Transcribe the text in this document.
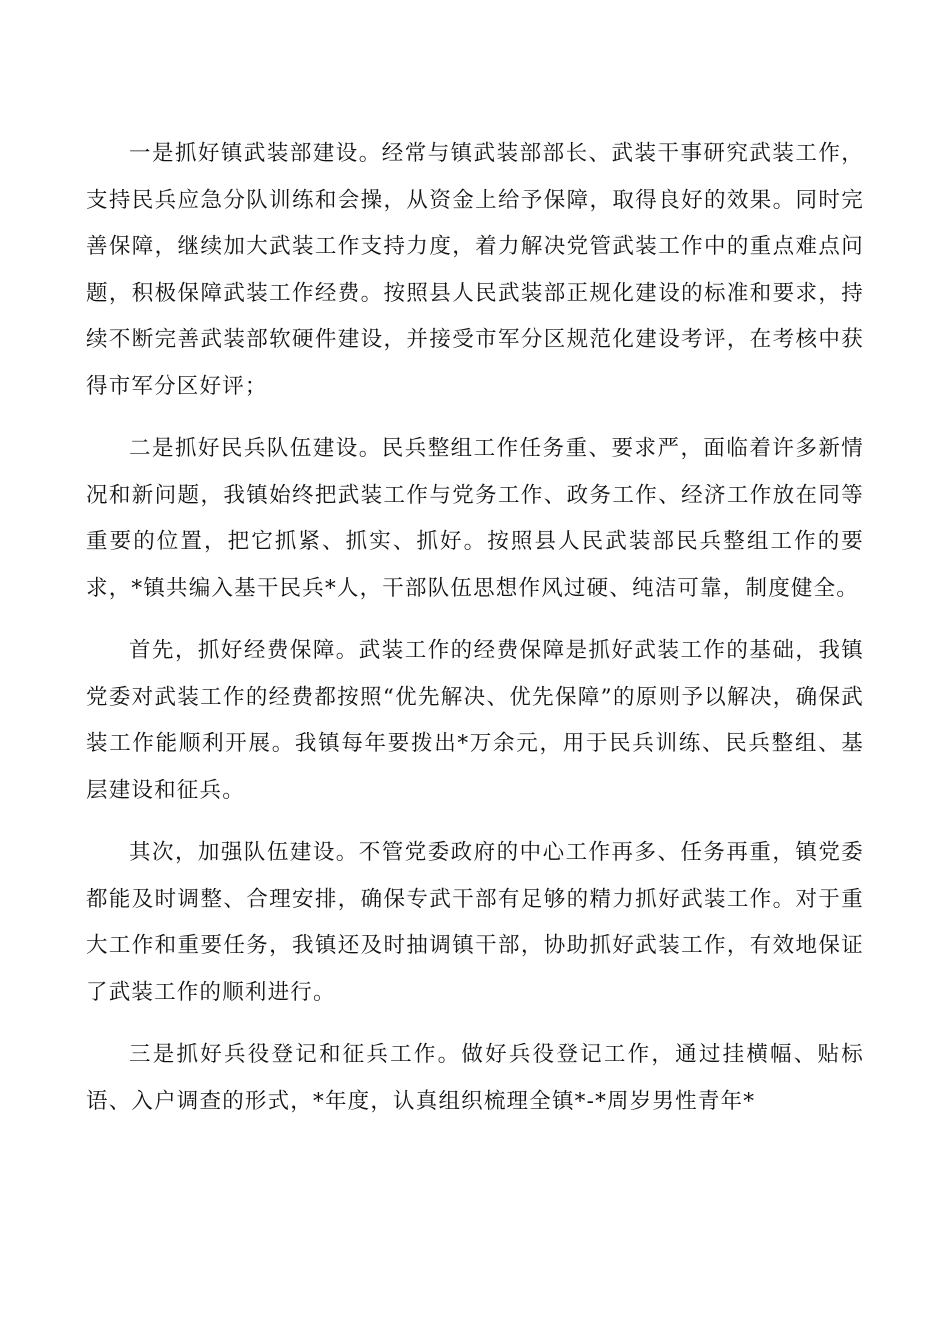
一是抓好镇武装部建设。经常与镇武装部部长、武装干事研究武装工作，支持民兵应急分队训练和会操，从资金上给予保障，取得良好的效果。同时完善保障，继续加大武装工作支持力度，着力解决党管武装工作中的重点难点问题，积极保障武装工作经费。按照县人民武装部正规化建设的标准和要求，持续不断完善武装部软硬件建设，并接受市军分区规范化建设考评，在考核中获得市军分区好评；

二是抓好民兵队伍建设。民兵整组工作任务重、要求严，面临着许多新情况和新问题，我镇始终把武装工作与党务工作、政务工作、经济工作放在同等重要的位置，把它抓紧、抓实、抓好。按照县人民武装部民兵整组工作的要求，*镇共编入基干民兵*人，干部队伍思想作风过硬、纯洁可靠，制度健全。

首先，抓好经费保障。武装工作的经费保障是抓好武装工作的基础，我镇党委对武装工作的经费都按照“优先解决、优先保障”的原则予以解决，确保武装工作能顺利开展。我镇每年要拨出*万余元，用于民兵训练、民兵整组、基层建设和征兵。

其次，加强队伍建设。不管党委政府的中心工作再多、任务再重，镇党委都能及时调整、合理安排，确保专武干部有足够的精力抓好武装工作。对于重大工作和重要任务，我镇还及时抽调镇干部，协助抓好武装工作，有效地保证了武装工作的顺利进行。

三是抓好兵役登记和征兵工作。做好兵役登记工作，通过挂横幅、贴标语、入户调查的形式，*年度，认真组织梳理全镇*-*周岁男性青年*
